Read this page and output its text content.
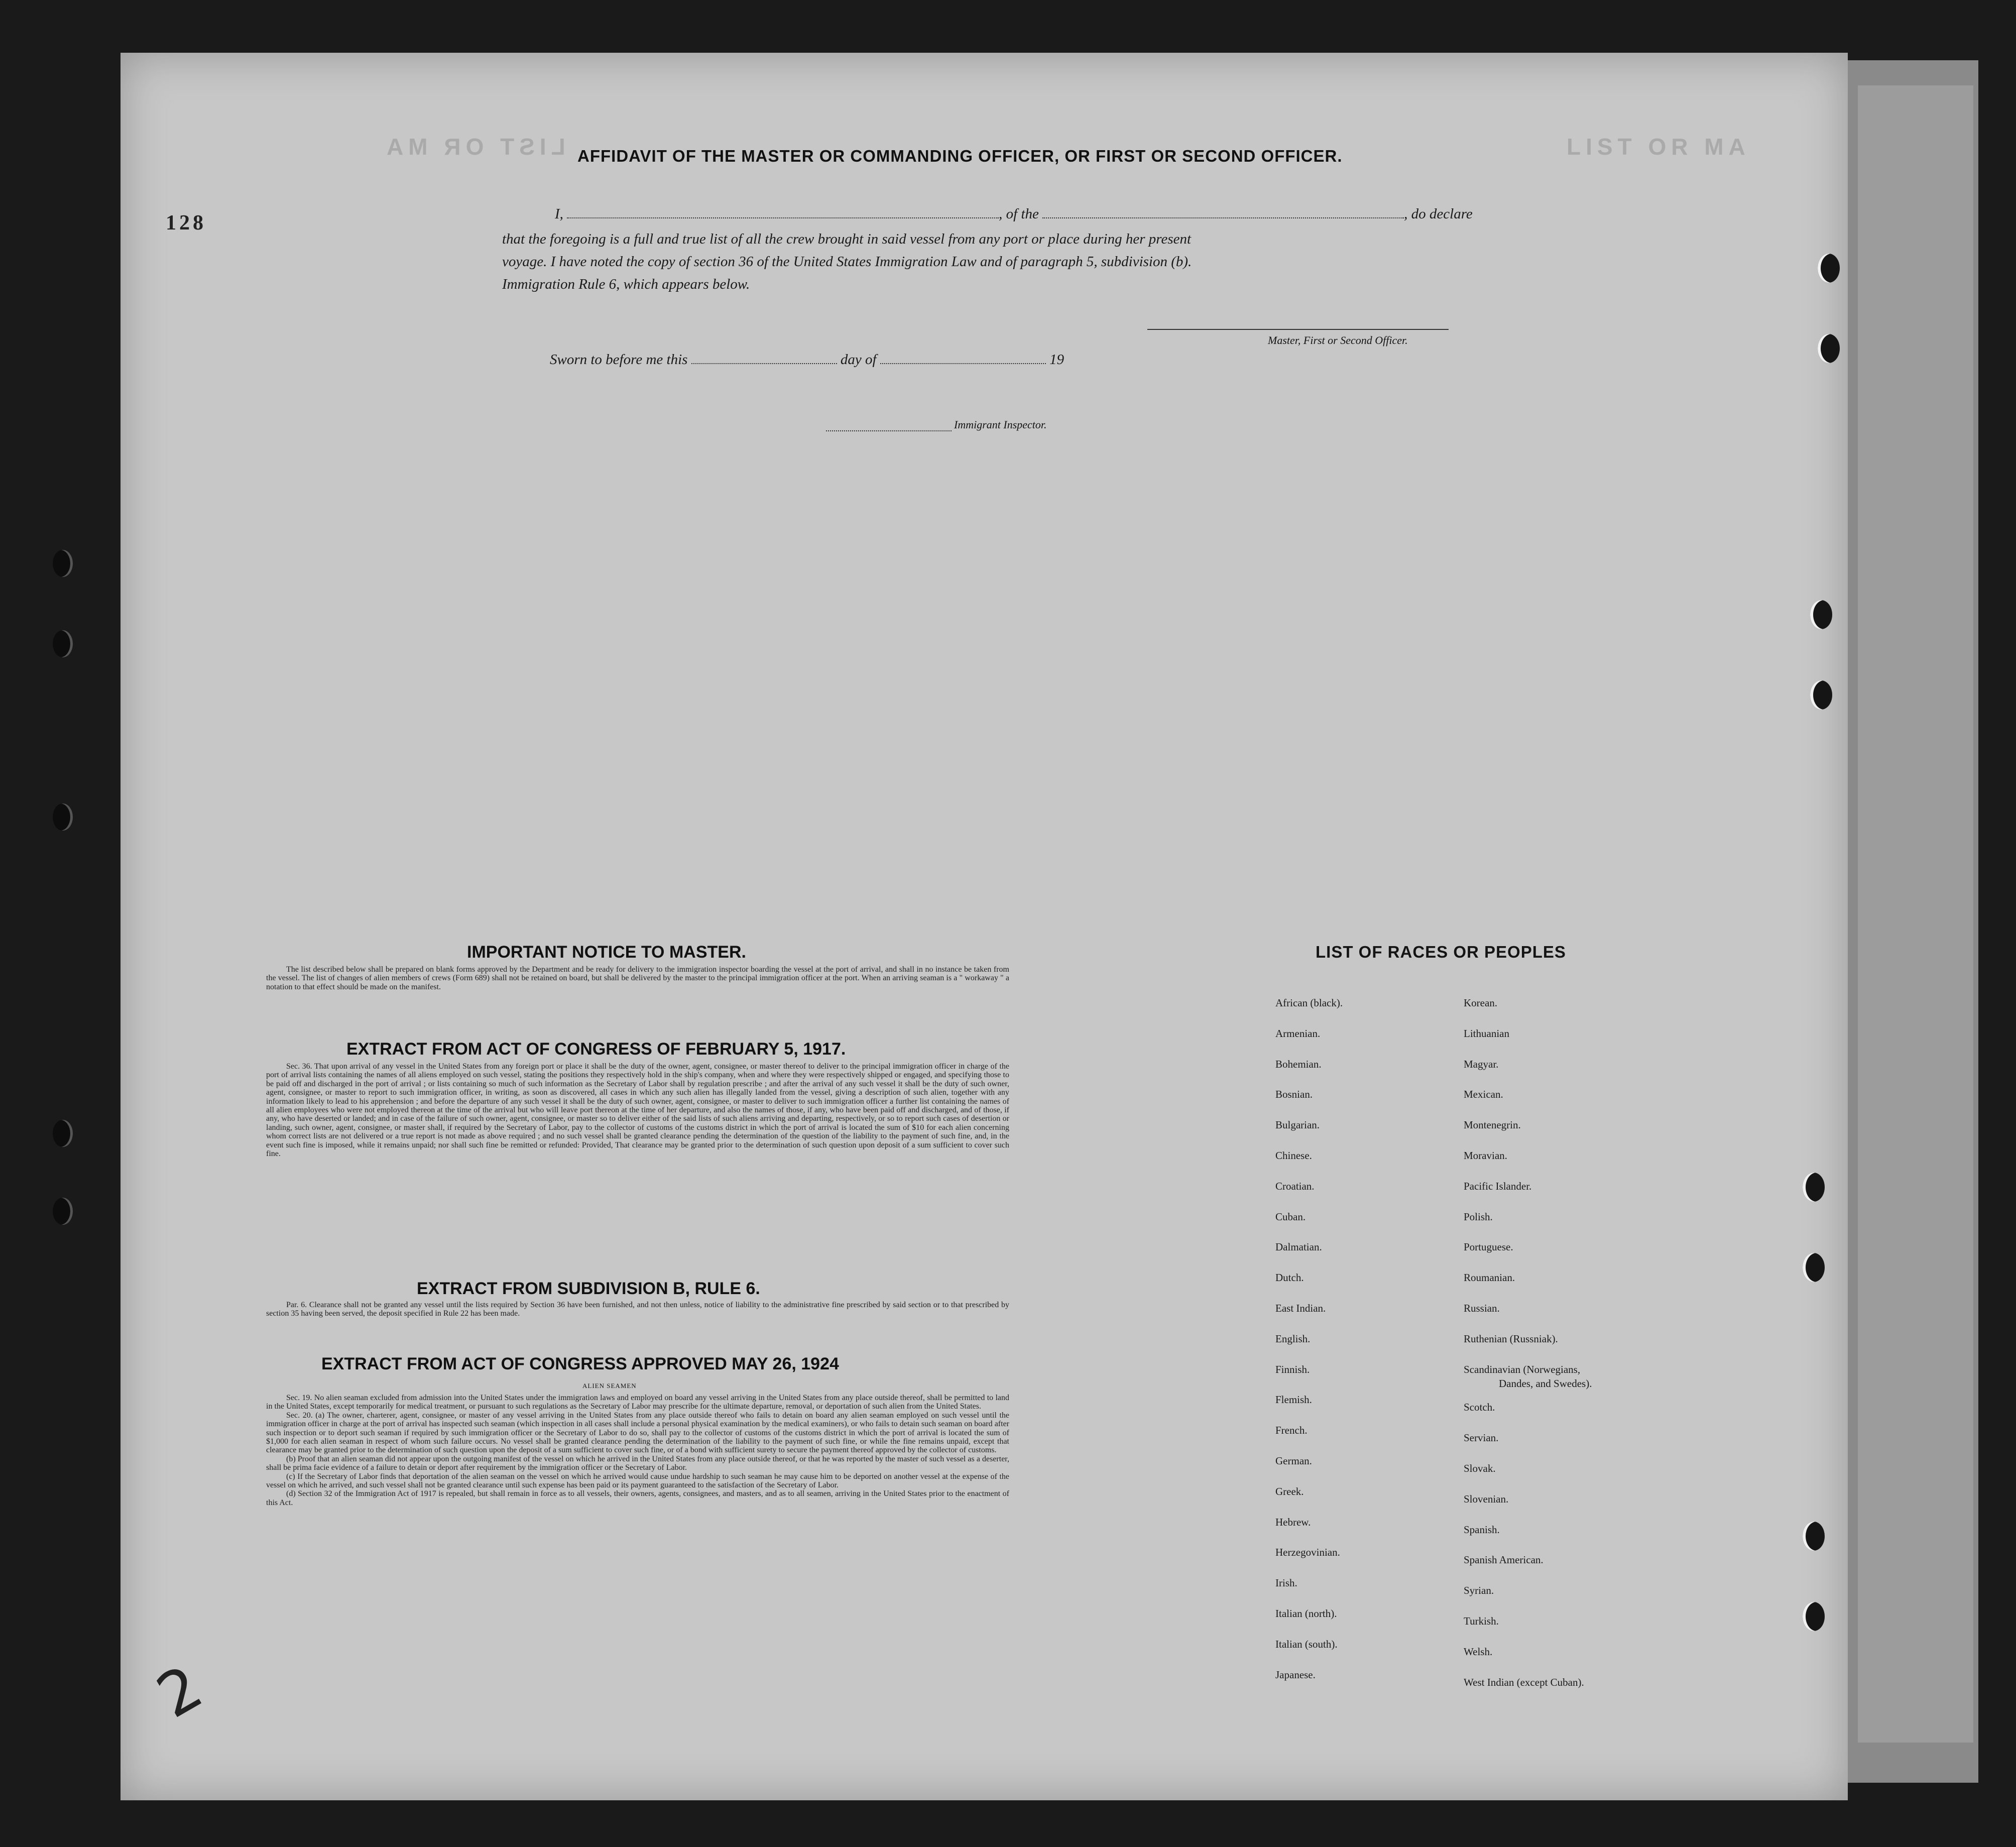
LIST OR MA
LIST OR MA
128
2
AFFIDAVIT OF THE MASTER OR COMMANDING OFFICER, OR FIRST OR SECOND OFFICER.
I,	, of the	, do declare
that the foregoing is a full and true list of all the crew brought in said vessel from any port or place during her present
voyage. I have noted the copy of section 36 of the United States Immigration Law and of paragraph 5, subdivision (b).
Immigration Rule 6, which appears below.
Master, First or Second Officer.
Sworn to before me this	day of	19
Immigrant Inspector.
IMPORTANT NOTICE TO MASTER.

The list described below shall be prepared on blank forms approved by the Department and be ready for delivery to the immigration inspector boarding the vessel at the port of arrival, and shall in no instance be taken from the vessel. The list of changes of alien members of crews (Form 689) shall not be retained on board, but shall be delivered by the master to the principal immigration officer at the port. When an arriving seaman is a " workaway " a notation to that effect should be made on the manifest.

EXTRACT FROM ACT OF CONGRESS OF FEBRUARY 5, 1917.

Sec. 36. That upon arrival of any vessel in the United States from any foreign port or place it shall be the duty of the owner, agent, consignee, or master thereof to deliver to the principal immigration officer in charge of the port of arrival lists containing the names of all aliens employed on such vessel, stating the positions they respectively hold in the ship's company, when and where they were respectively shipped or engaged, and specifying those to be paid off and discharged in the port of arrival ; or lists containing so much of such information as the Secretary of Labor shall by regulation prescribe ; and after the arrival of any such vessel it shall be the duty of such owner, agent, consignee, or master to report to such immigration officer, in writing, as soon as discovered, all cases in which any such alien has illegally landed from the vessel, giving a description of such alien, together with any information likely to lead to his apprehension ; and before the departure of any such vessel it shall be the duty of such owner, agent, consignee, or master to deliver to such immigration officer a further list containing the names of all alien employees who were not employed thereon at the time of the arrival but who will leave port thereon at the time of her departure, and also the names of those, if any, who have been paid off and discharged, and of those, if any, who have deserted or landed; and in case of the failure of such owner, agent, consignee, or master so to deliver either of the said lists of such aliens arriving and departing, respectively, or so to report such cases of desertion or landing, such owner, agent, consignee, or master shall, if required by the Secretary of Labor, pay to the collector of customs of the customs district in which the port of arrival is located the sum of $10 for each alien concerning whom correct lists are not delivered or a true report is not made as above required ; and no such vessel shall be granted clearance pending the determination of the question of the liability to the payment of such fine, and, in the event such fine is imposed, while it remains unpaid; nor shall such fine be remitted or refunded: Provided, That clearance may be granted prior to the determination of such question upon deposit of a sum sufficient to cover such fine.

EXTRACT FROM SUBDIVISION B, RULE 6.

Par. 6. Clearance shall not be granted any vessel until the lists required by Section 36 have been furnished, and not then unless, notice of liability to the administrative fine prescribed by said section or to that prescribed by section 35 having been served, the deposit specified in Rule 22 has been made.

EXTRACT FROM ACT OF CONGRESS APPROVED MAY 26, 1924
ALIEN SEAMEN

Sec. 19. No alien seaman excluded from admission into the United States under the immigration laws and employed on board any vessel arriving in the United States from any place outside thereof, shall be permitted to land in the United States, except temporarily for medical treatment, or pursuant to such regulations as the Secretary of Labor may prescribe for the ultimate departure, removal, or deportation of such alien from the United States.

Sec. 20. (a) The owner, charterer, agent, consignee, or master of any vessel arriving in the United States from any place outside thereof who fails to detain on board any alien seaman employed on such vessel until the immigration officer in charge at the port of arrival has inspected such seaman (which inspection in all cases shall include a personal physical examination by the medical examiners), or who fails to detain such seaman on board after such inspection or to deport such seaman if required by such immigration officer or the Secretary of Labor to do so, shall pay to the collector of customs of the customs district in which the port of arrival is located the sum of $1,000 for each alien seaman in respect of whom such failure occurs. No vessel shall be granted clearance pending the determination of the liability to the payment of such fine, or while the fine remains unpaid, except that clearance may be granted prior to the determination of such question upon the deposit of a sum sufficient to cover such fine, or of a bond with sufficient surety to secure the payment thereof approved by the collector of customs.

(b) Proof that an alien seaman did not appear upon the outgoing manifest of the vessel on which he arrived in the United States from any place outside thereof, or that he was reported by the master of such vessel as a deserter, shall be prima facie evidence of a failure to detain or deport after requirement by the immigration officer or the Secretary of Labor.

(c) If the Secretary of Labor finds that deportation of the alien seaman on the vessel on which he arrived would cause undue hardship to such seaman he may cause him to be deported on another vessel at the expense of the vessel on which he arrived, and such vessel shall not be granted clearance until such expense has been paid or its payment guaranteed to the satisfaction of the Secretary of Labor.

(d) Section 32 of the Immigration Act of 1917 is repealed, but shall remain in force as to all vessels, their owners, agents, consignees, and masters, and as to all seamen, arriving in the United States prior to the enactment of this Act.

LIST OF RACES OR PEOPLES
African (black).
Armenian.
Bohemian.
Bosnian.
Bulgarian.
Chinese.
Croatian.
Cuban.
Dalmatian.
Dutch.
East Indian.
English.
Finnish.
Flemish.
French.
German.
Greek.
Hebrew.
Herzegovinian.
Irish.
Italian (north).
Italian (south).
Japanese.
Korean.
Lithuanian
Magyar.
Mexican.
Montenegrin.
Moravian.
Pacific Islander.
Polish.
Portuguese.
Roumanian.
Russian.
Ruthenian (Russniak).
Scandinavian (Norwegians,
Dandes, and Swedes).
Scotch.
Servian.
Slovak.
Slovenian.
Spanish.
Spanish American.
Syrian.
Turkish.
Welsh.
West Indian (except Cuban).
